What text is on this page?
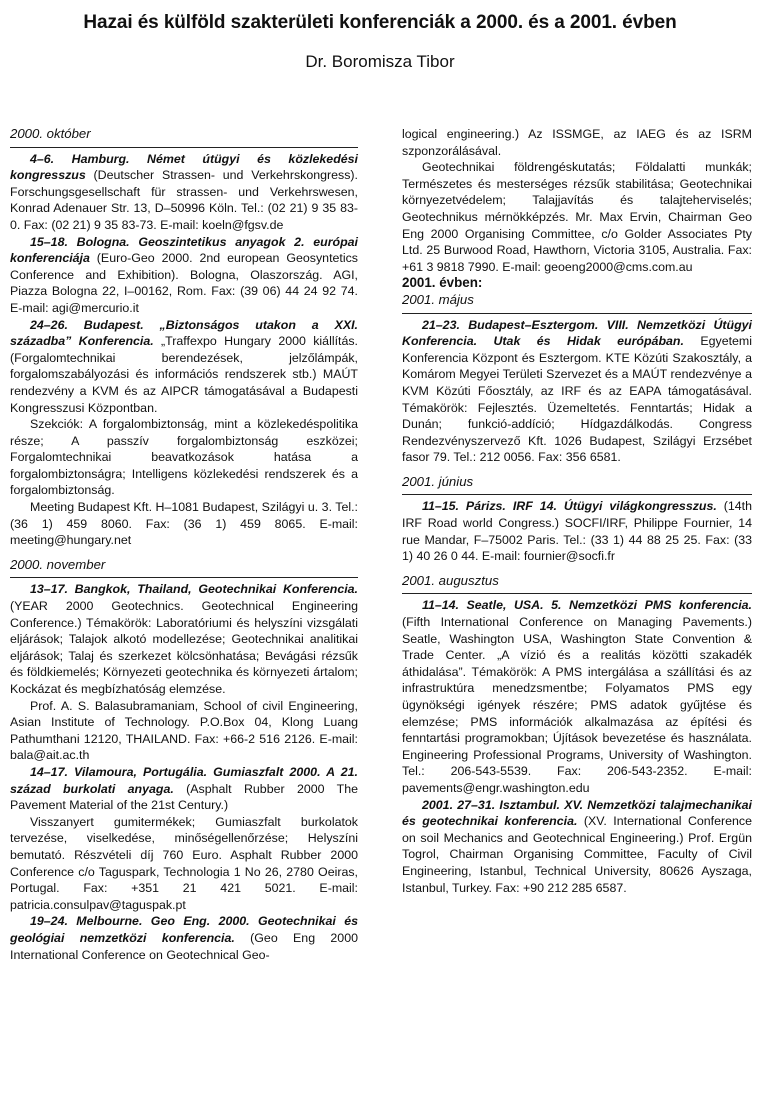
Hazai és külföld szakterületi konferenciák a 2000. és a 2001. évben
Dr. Boromisza Tibor

2000. október

4–6. Hamburg. Német útügyi és közlekedési kongresszus (Deutscher Strassen- und Verkehrskongress). Forschungsgesellschaft für strassen- und Verkehrswesen, Konrad Adenauer Str. 13, D–50996 Köln. Tel.: (02 21) 9 35 83-0. Fax: (02 21) 9 35 83-73. E-mail: koeln@fgsv.de

15–18. Bologna. Geoszintetikus anyagok 2. európai konferenciája (Euro-Geo 2000. 2nd european Geosyntetics Conference and Exhibition). Bologna, Olaszország. AGI, Piazza Bologna 22, I–00162, Rom. Fax: (39 06) 44 24 92 74. E-mail: agi@mercurio.it

24–26. Budapest. „Biztonságos utakon a XXI. századba” Konferencia. „Traffexpo Hungary 2000 kiállítás. (Forgalomtechnikai berendezések, jelzőlámpák, forgalomszabályozási és információs rendszerek stb.) MAÚT rendezvény a KVM és az AIPCR támogatásával a Budapesti Kongresszusi Központban.

Szekciók: A forgalombiztonság, mint a közlekedéspolitika része; A passzív forgalombiztonság eszközei; Forgalomtechnikai beavatkozások hatása a forgalombiztonságra; Intelligens közlekedési rendszerek és a forgalombiztonság.

Meeting Budapest Kft. H–1081 Budapest, Szilágyi u. 3. Tel.: (36 1) 459 8060. Fax: (36 1) 459 8065. E-mail: meeting@hungary.net

2000. november

13–17. Bangkok, Thailand, Geotechnikai Konferencia. (YEAR 2000 Geotechnics. Geotechnical Engineering Conference.) Témakörök: Laboratóriumi és helyszíni vizsgálati eljárások; Talajok alkotó modellezése; Geotechnikai analitikai eljárások; Talaj és szerkezet kölcsönhatása; Bevágási rézsűk és földkiemelés; Környezeti geotechnika és környezeti ártalom; Kockázat és megbízhatóság elemzése.

Prof. A. S. Balasubramaniam, School of civil Engineering, Asian Institute of Technology. P.O.Box 04, Klong Luang Pathumthani 12120, THAILAND. Fax: +66-2 516 2126. E-mail: bala@ait.ac.th

14–17. Vilamoura, Portugália. Gumiaszfalt 2000. A 21. század burkolati anyaga. (Asphalt Rubber 2000 The Pavement Material of the 21st Century.)

Visszanyert gumitermékek; Gumiaszfalt burkolatok tervezése, viselkedése, minőségellenőrzése; Helyszíni bemutató. Részvételi díj 760 Euro. Asphalt Rubber 2000 Conference c/o Taguspark, Technologia 1 No 26, 2780 Oeiras, Portugal. Fax: +351 21 421 5021. E-mail: patricia.consulpav@taguspak.pt

19–24. Melbourne. Geo Eng. 2000. Geotechnikai és geológiai nemzetközi konferencia. (Geo Eng 2000 International Conference on Geotechnical Geo-

logical engineering.) Az ISSMGE, az IAEG és az ISRM szponzorálásával.

Geotechnikai földrengéskutatás; Földalatti munkák; Természetes és mesterséges rézsűk stabilitása; Geotechnikai környezetvédelem; Talajjavítás és talajteherviselés; Geotechnikus mérnökképzés. Mr. Max Ervin, Chairman Geo Eng 2000 Organising Committee, c/o Golder Associates Pty Ltd. 25 Burwood Road, Hawthorn, Victoria 3105, Australia. Fax: +61 3 9818 7990. E-mail: geoeng2000@cms.com.au

2001. évben:

2001. május

21–23. Budapest–Esztergom. VIII. Nemzetközi Útügyi Konferencia. Utak és Hidak európában. Egyetemi Konferencia Központ és Esztergom. KTE Közúti Szakosztály, a Komárom Megyei Területi Szervezet és a MAÚT rendezvénye a KVM Közúti Főosztály, az IRF és az EAPA támogatásával. Témakörök: Fejlesztés. Üzemeltetés. Fenntartás; Hidak a Dunán; funkció-addíció; Hídgazdálkodás. Congress Rendezvényszervező Kft. 1026 Budapest, Szilágyi Erzsébet fasor 79. Tel.: 212 0056. Fax: 356 6581.

2001. június

11–15. Párizs. IRF 14. Útügyi világkongresszus. (14th IRF Road world Congress.) SOCFI/IRF, Philippe Fournier, 14 rue Mandar, F–75002 Paris. Tel.: (33 1) 44 88 25 25. Fax: (33 1) 40 26 0 44. E-mail: fournier@socfi.fr

2001. augusztus

11–14. Seatle, USA. 5. Nemzetközi PMS konferencia. (Fifth International Conference on Managing Pavements.) Seatle, Washington USA, Washington State Convention & Trade Center. „A vízió és a realitás közötti szakadék áthidalása”. Témakörök: A PMS intergálása a szállítási és az infrastruktúra menedzsmentbe; Folyamatos PMS egy ügynökségi igények részére; PMS adatok gyűjtése és elemzése; PMS információk alkalmazása az építési és fenntartási programokban; Újítások bevezetése és használata. Engineering Professional Programs, University of Washington. Tel.: 206-543-5539. Fax: 206-543-2352. E-mail: pavements@engr.washington.edu

2001. 27–31. Isztambul. XV. Nemzetközi talajmechanikai és geotechnikai konferencia. (XV. International Conference on soil Mechanics and Geotechnical Engineering.) Prof. Ergün Togrol, Chairman Organising Committee, Faculty of Civil Engineering, Istanbul, Technical University, 80626 Ayszaga, Istanbul, Turkey. Fax: +90 212 285 6587.
